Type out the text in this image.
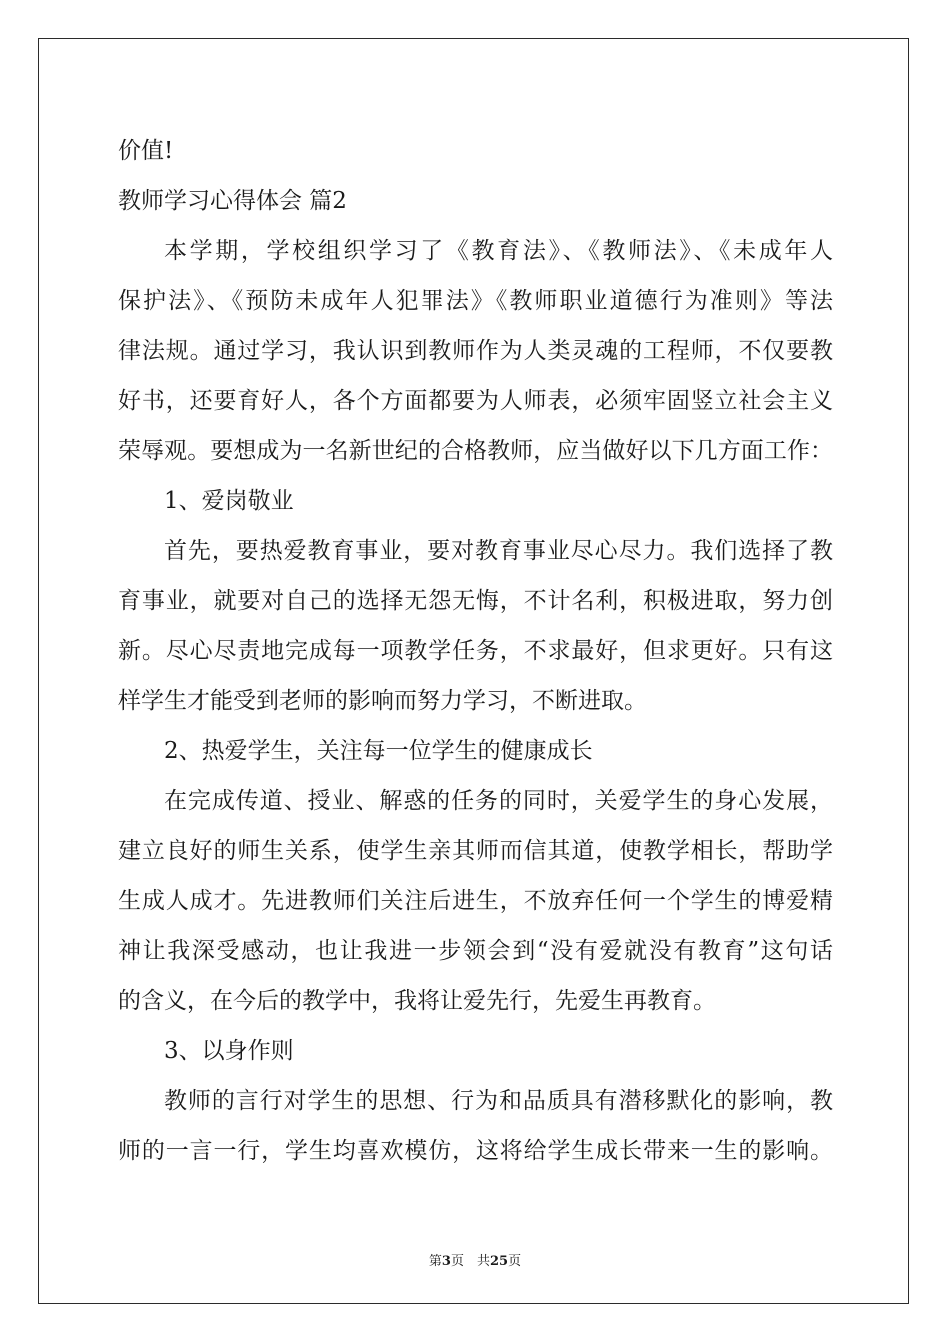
价值!
教师学习心得体会 篇2
本学期，学校组织学习了《教育法》、《教师法》、《未成年人
保护法》、《预防未成年人犯罪法》《教师职业道德行为准则》等法
律法规。通过学习，我认识到教师作为人类灵魂的工程师，不仅要教
好书，还要育好人，各个方面都要为人师表，必须牢固竖立社会主义
荣辱观。要想成为一名新世纪的合格教师，应当做好以下几方面工作：
1、爱岗敬业
首先，要热爱教育事业，要对教育事业尽心尽力。我们选择了教
育事业，就要对自己的选择无怨无悔，不计名利，积极进取，努力创
新。尽心尽责地完成每一项教学任务，不求最好，但求更好。只有这
样学生才能受到老师的影响而努力学习，不断进取。
2、热爱学生，关注每一位学生的健康成长
在完成传道、授业、解惑的任务的同时，关爱学生的身心发展，
建立良好的师生关系，使学生亲其师而信其道，使教学相长，帮助学
生成人成才。先进教师们关注后进生，不放弃任何一个学生的博爱精
神让我深受感动，也让我进一步领会到“没有爱就没有教育”这句话
的含义，在今后的教学中，我将让爱先行，先爱生再教育。
3、以身作则
教师的言行对学生的思想、行为和品质具有潜移默化的影响，教
师的一言一行，学生均喜欢模仿，这将给学生成长带来一生的影响。
第3页　共25页
